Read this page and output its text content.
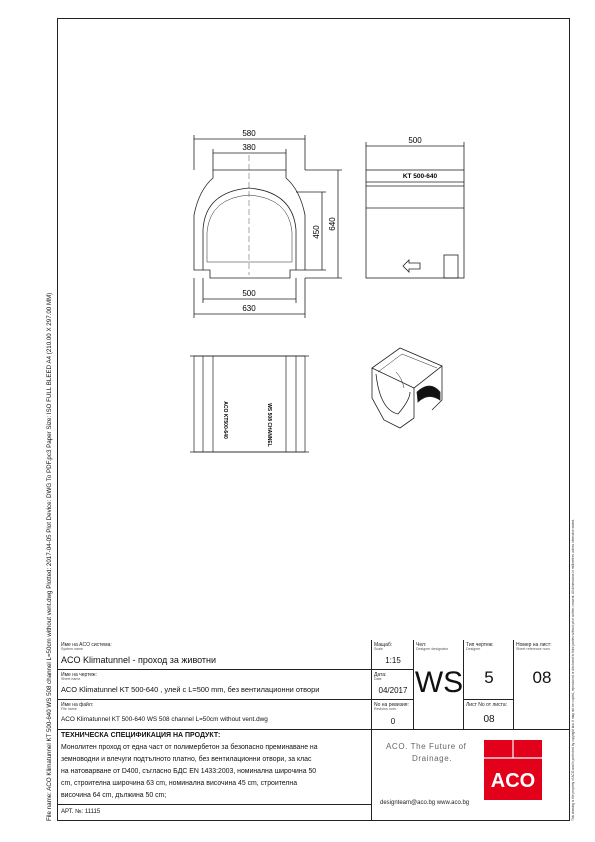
File name: ACO Klimatunnel KT 500-640 WS 508 channel L=50cm without vent.dwg Plotted: 2017-04-05 Plot Device: DWG To PDF.pc3 Paper Size: ISO FULL BLEED A4 (210.00 X 297.00 MM)	This drawing is the property of ACO and is protected by copyright law. It may not be copied, reproduced or disclosed to third parties without prior written consent. All dimensions in millimetres unless otherwise stated.
580
380
450
640
500
630
500
KT 500-640
ACO KT500-640	WS 508 CHANNEL
Име на ACO система:
System name
ACO Klimatunnel - проход за животни
Мащаб:
Scale
1:15
Чел:
Designer designator
WS
Тип чертеж:
Designer
5
Номер на лист:
Sheet reference num.
08
Име на чертеж:
Sheet name
ACO Klimatunnel KT 500-640 , улей с L=500 mm, без вентилационни отвори
Дата:
Date
04/2017
Лист No от листа:
08
Име на файл:
File name
ACO Klimatunnel KT 500-640 WS 508 channel L=50cm without vent.dwg
No на ревизия:
Revision num.
0
ТЕХНИЧЕСКА СПЕЦИФИКАЦИЯ НА ПРОДУКТ:
Монолитен проход от една част от полимербетон за безопасно преминаване на
земноводни и влечуги подтълното платно, без вентилационни отвори, за клас
на натоварване от D400, съгласно БДС EN 1433:2003, номинална широчина 50
cm, строителна широчина 63 cm, номинална височина 45 cm, строителна
височина 64 cm, дължина 50 cm;
АРТ. №: 11115
ACO. The Future of
Drainage.
designteam@aco.bg www.aco.bg
ACO
